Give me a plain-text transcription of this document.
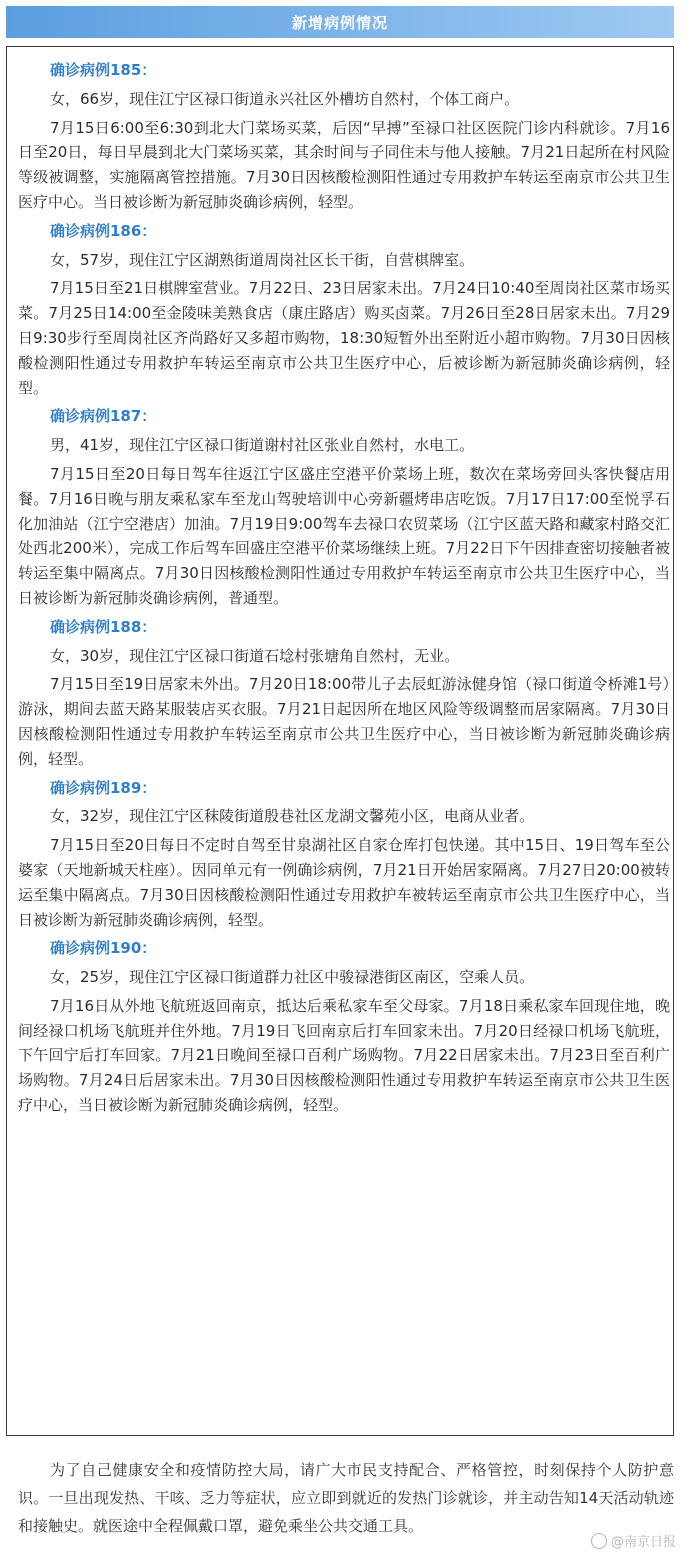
新增病例情况
确诊病例185：

女，66岁，现住江宁区禄口街道永兴社区外槽坊自然村，个体工商户。

7月15日6:00至6:30到北大门菜场买菜，后因“早搏”至禄口社区医院门诊内科就诊。7月16日至20日，每日早晨到北大门菜场买菜，其余时间与子同住未与他人接触。7月21日起所在村风险等级被调整，实施隔离管控措施。7月30日因核酸检测阳性通过专用救护车转运至南京市公共卫生医疗中心。当日被诊断为新冠肺炎确诊病例，轻型。

确诊病例186：

女，57岁，现住江宁区湖熟街道周岗社区长干街，自营棋牌室。

7月15日至21日棋牌室营业。7月22日、23日居家未出。7月24日10:40至周岗社区菜市场买菜。7月25日14:00至金陵味美熟食店（康庄路店）购买卤菜。7月26日至28日居家未出。7月29日9:30步行至周岗社区齐尚路好又多超市购物，18:30短暂外出至附近小超市购物。7月30日因核酸检测阳性通过专用救护车转运至南京市公共卫生医疗中心，后被诊断为新冠肺炎确诊病例，轻型。

确诊病例187：

男，41岁，现住江宁区禄口街道谢村社区张业自然村，水电工。

7月15日至20日每日驾车往返江宁区盛庄空港平价菜场上班，数次在菜场旁回头客快餐店用餐。7月16日晚与朋友乘私家车至龙山驾驶培训中心旁新疆烤串店吃饭。7月17日17:00至悦孚石化加油站（江宁空港店）加油。7月19日9:00驾车去禄口农贸菜场（江宁区蓝天路和藏家村路交汇处西北200米），完成工作后驾车回盛庄空港平价菜场继续上班。7月22日下午因排查密切接触者被转运至集中隔离点。7月30日因核酸检测阳性通过专用救护车转运至南京市公共卫生医疗中心，当日被诊断为新冠肺炎确诊病例，普通型。

确诊病例188：

女，30岁，现住江宁区禄口街道石埝村张塘角自然村，无业。

7月15日至19日居家未外出。7月20日18:00带儿子去辰虹游泳健身馆（禄口街道令桥滩1号）游泳，期间去蓝天路某服装店买衣服。7月21日起因所在地区风险等级调整而居家隔离。7月30日因核酸检测阳性通过专用救护车转运至南京市公共卫生医疗中心，当日被诊断为新冠肺炎确诊病例，轻型。

确诊病例189：

女，32岁，现住江宁区秣陵街道殷巷社区龙湖文馨苑小区，电商从业者。

7月15日至20日每日不定时自驾至甘泉湖社区自家仓库打包快递。其中15日、19日驾车至公婆家（天地新城天柱座）。因同单元有一例确诊病例，7月21日开始居家隔离。7月27日20:00被转运至集中隔离点。7月30日因核酸检测阳性通过专用救护车被转运至南京市公共卫生医疗中心，当日被诊断为新冠肺炎确诊病例，轻型。

确诊病例190：

女，25岁，现住江宁区禄口街道群力社区中骏禄港街区南区，空乘人员。

7月16日从外地飞航班返回南京，抵达后乘私家车至父母家。7月18日乘私家车回现住地，晚间经禄口机场飞航班并住外地。7月19日飞回南京后打车回家未出。7月20日经禄口机场飞航班，下午回宁后打车回家。7月21日晚间至禄口百利广场购物。7月22日居家未出。7月23日至百利广场购物。7月24日后居家未出。7月30日因核酸检测阳性通过专用救护车转运至南京市公共卫生医疗中心，当日被诊断为新冠肺炎确诊病例，轻型。

为了自己健康安全和疫情防控大局，请广大市民支持配合、严格管控，时刻保持个人防护意识。一旦出现发热、干咳、乏力等症状，应立即到就近的发热门诊就诊，并主动告知14天活动轨迹和接触史。就医途中全程佩戴口罩，避免乘坐公共交通工具。
@南京日报
